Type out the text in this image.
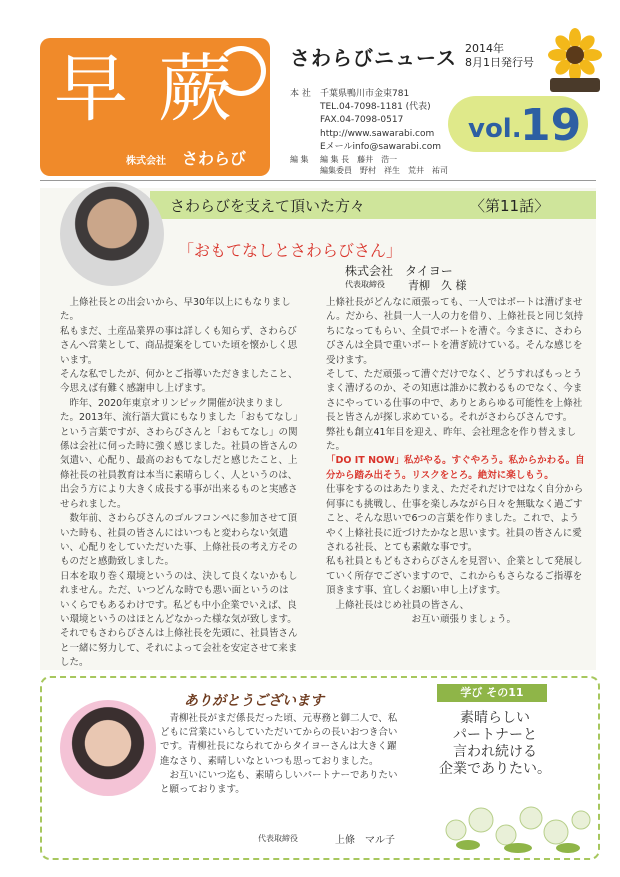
早 蕨
株式会社 さわらび
さわらびニュース 2014年
8月1日発行号
本 社 千葉県鴨川市金束781
TEL.04-7098-1181 (代表)
FAX.04-7098-0517
http://www.sawarabi.com
Eメールinfo@sawarabi.com
vol.
19
編 集 編 集 長　藤井　浩一
編集委員　野村　祥生　荒井　祐司
さわらびを支えて頂いた方々	〈第11話〉
「おもてなしとさわらびさん」
株式会社　タイヨー
代表取締役 青柳　久 様

　上條社長との出会いから、早30年以上にもなりました。

私もまだ、土産品業界の事は詳しくも知らず、さわらびさんへ営業として、商品提案をしていた頃を懐かしく思います。

そんな私でしたが、何かとご指導いただきましたこと、今思えば有難く感謝申し上げます。

　昨年、2020年東京オリンピック開催が決まりました。2013年、流行語大賞にもなりました「おもてなし」という言葉ですが、さわらびさんと「おもてなし」の関係は会社に伺った時に強く感じました。社員の皆さんの気遣い、心配り、最高のおもてなしだと感じたこと、上條社長の社員教育は本当に素晴らしく、人というのは、出会う方により大きく成長する事が出来るものと実感させられました。

　数年前、さわらびさんのゴルフコンペに参加させて頂いた時も、社員の皆さんにはいつもと変わらない気遣い、心配りをしていただいた事、上條社長の考え方そのものだと感動致しました。

日本を取り巻く環境というのは、決して良くないかもしれません。ただ、いつどんな時でも悪い面というのはいくらでもあるわけです。私ども中小企業でいえば、良い環境というのはほとんどなかった様な気が致します。それでもさわらびさんは上條社長を先頭に、社員皆さんと一緒に努力して、それによって会社を安定させて来ました。

上條社長がどんなに頑張っても、一人ではボートは漕げません。だから、社員一人一人の力を借り、上條社長と同じ気持ちになってもらい、全員でボートを漕ぐ。今まさに、さわらびさんは全員で重いボートを漕ぎ続けている。そんな感じを受けます。

そして、ただ頑張って漕ぐだけでなく、どうすればもっとうまく漕げるのか、その知恵は誰かに教わるものでなく、今まさにやっている仕事の中で、ありとあらゆる可能性を上條社長と皆さんが探し求めている。それがさわらびさんです。

弊社も創立41年目を迎え、昨年、会社理念を作り替えました。

「DO IT NOW」私がやる。すぐやろう。私からかわる。自分から踏み出そう。リスクをとろ。絶対に楽しもう。

仕事をするのはあたりまえ、ただそれだけではなく自分から何事にも挑戦し、仕事を楽しみながら日々を無駄なく過ごすこと、そんな思いで6つの言葉を作りました。これで、ようやく上條社長に近づけたかなと思います。社員の皆さんに愛される社長、とても素敵な事です。

私も社員ともどもさわらびさんを見習い、企業として発展していく所存でございますので、これからもさらなるご指導を頂きます事、宜しくお願い申し上げます。

　上條社長はじめ社員の皆さん、

　　　　　　　　　お互い頑張りましょう。

ありがとうございます
　青柳社長がまだ係長だった頃、元専務と御二人で、私どもに営業にいらしていただいてからの長いおつき合いです。青柳社長になられてからタイヨーさんは大きく躍進なさり、素晴しいなといつも思っておりました。
　お互いにいつ迄も、素晴らしいパートナーでありたいと願っております。
代表取締役	上條　マル子
学び その11
素晴らしい
パートナーと
言われ続ける
企業でありたい。
